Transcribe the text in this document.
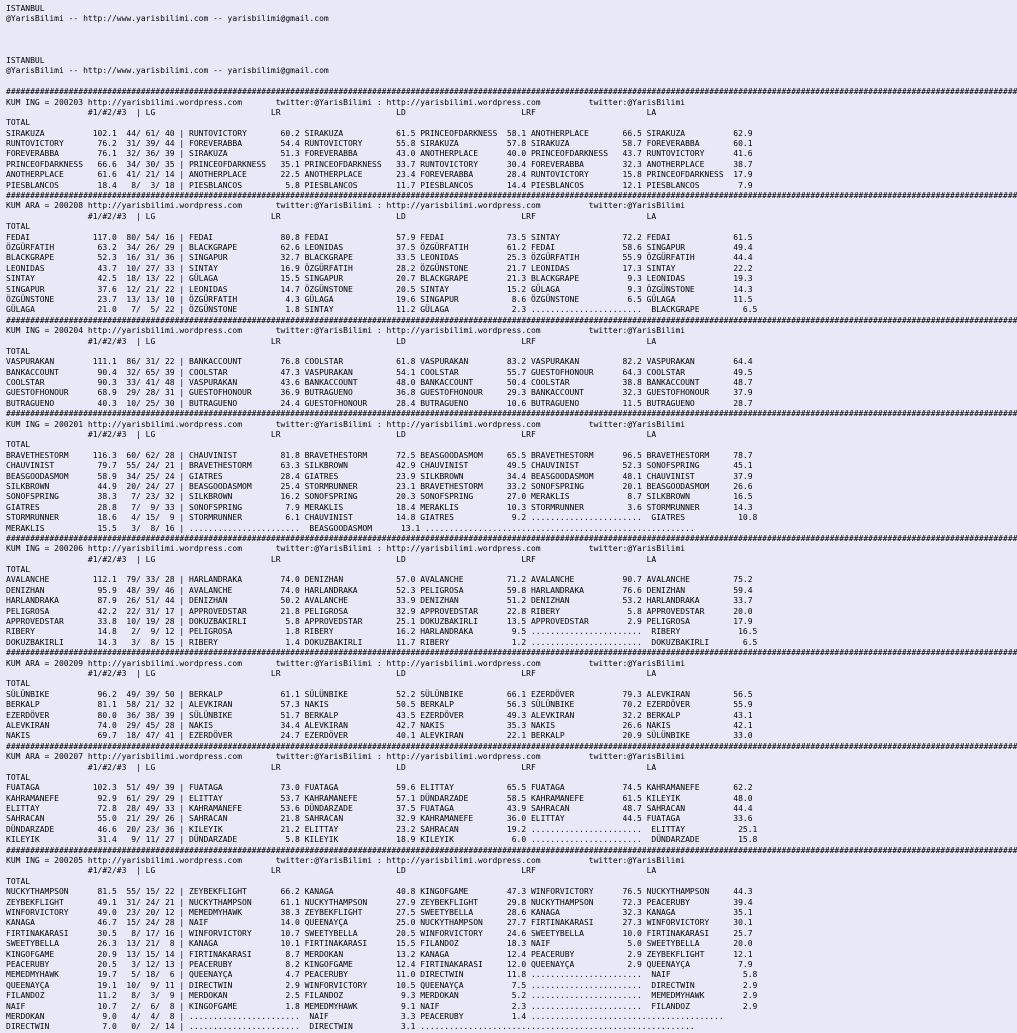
ISTANBUL
@YarisBilimi -- http://www.yarisbilimi.com -- yarisbilimi@gmail.com
ISTANBUL
@YarisBilimi -- http://www.yarisbilimi.com -- yarisbilimi@gmail.com
##################################################################################################################################################################################################################
KUM ING = 200203 http://yarisbilimi.wordpress.com       twitter:@YarisBilimi : http://yarisbilimi.wordpress.com          twitter:@YarisBilimi
#1/#2/#3  | LG                        LR                        LD                        LRF                       LA
TOTAL
SIRAKUZA          102.1  44/ 61/ 40 | RUNTOVICTORY       60.2 SIRAKUZA           61.5 PRINCEOFDARKNESS  58.1 ANOTHERPLACE       66.5 SIRAKUZA          62.9
RUNTOVICTORY       76.2  31/ 39/ 44 | FOREVERABBA        54.4 RUNTOVICTORY       55.8 SIRAKUZA          57.8 SIRAKUZA           58.7 FOREVERABBA       60.1
FOREVERABBA        76.1  32/ 36/ 39 | SIRAKUZA           51.3 FOREVERABBA        43.0 ANOTHERPLACE      40.0 PRINCEOFDARKNESS   43.7 RUNTOVICTORY      41.6
PRINCEOFDARKNESS   66.6  34/ 30/ 35 | PRINCEOFDARKNESS   35.1 PRINCEOFDARKNESS   33.7 RUNTOVICTORY      30.4 FOREVERABBA        32.3 ANOTHERPLACE      38.7
ANOTHERPLACE       61.6  41/ 21/ 14 | ANOTHERPLACE       22.5 ANOTHERPLACE       23.4 FOREVERABBA       28.4 RUNTOVICTORY       15.8 PRINCEOFDARKNESS  17.9
PIESBLANCOS        18.4   8/  3/ 18 | PIESBLANCOS         5.8 PIESBLANCOS        11.7 PIESBLANCOS       14.4 PIESBLANCOS        12.1 PIESBLANCOS        7.9
##################################################################################################################################################################################################################
KUM ARA = 200208 http://yarisbilimi.wordpress.com       twitter:@YarisBilimi : http://yarisbilimi.wordpress.com          twitter:@YarisBilimi
#1/#2/#3  | LG                        LR                        LD                        LRF                       LA
TOTAL
FEDAI             117.0  80/ 54/ 16 | FEDAI              80.8 FEDAI              57.9 FEDAI             73.5 SINTAY             72.2 FEDAI             61.5
ÖZGÜRFATIH         63.2  34/ 26/ 29 | BLACKGRAPE         62.6 LEONIDAS           37.5 ÖZGÜRFATIH        61.2 FEDAI              58.6 SINGAPUR          49.4
BLACKGRAPE         52.3  16/ 31/ 36 | SINGAPUR           32.7 BLACKGRAPE         33.5 LEONIDAS          25.3 ÖZGÜRFATIH         55.9 ÖZGÜRFATIH        44.4
LEONIDAS           43.7  10/ 27/ 33 | SINTAY             16.9 ÖZGÜRFATIH         28.2 ÖZGÜNSTONE        21.7 LEONIDAS           17.3 SINTAY            22.2
SINTAY             42.5  18/ 13/ 22 | GÜLAGA             15.5 SINGAPUR           20.7 BLACKGRAPE        21.3 BLACKGRAPE          9.3 LEONIDAS          19.3
SINGAPUR           37.6  12/ 21/ 22 | LEONIDAS           14.7 ÖZGÜNSTONE         20.5 SINTAY            15.2 GÜLAGA              9.3 ÖZGÜNSTONE        14.3
ÖZGÜNSTONE         23.7  13/ 13/ 10 | ÖZGÜRFATIH          4.3 GÜLAGA             19.6 SINGAPUR           8.6 ÖZGÜNSTONE          6.5 GÜLAGA            11.5
GÜLAGA             21.0   7/  5/ 22 | ÖZGÜNSTONE          1.8 SINTAY             11.2 GÜLAGA             2.3 .......................  BLACKGRAPE         6.5
##################################################################################################################################################################################################################
KUM ING = 200204 http://yarisbilimi.wordpress.com       twitter:@YarisBilimi : http://yarisbilimi.wordpress.com          twitter:@YarisBilimi
#1/#2/#3  | LG                        LR                        LD                        LRF                       LA
TOTAL
VASPURAKAN        111.1  86/ 31/ 22 | BANKACCOUNT        76.8 COOLSTAR           61.8 VASPURAKAN        83.2 VASPURAKAN         82.2 VASPURAKAN        64.4
BANKACCOUNT        90.4  32/ 65/ 39 | COOLSTAR           47.3 VASPURAKAN         54.1 COOLSTAR          55.7 GUESTOFHONOUR      64.3 COOLSTAR          49.5
COOLSTAR           90.3  33/ 41/ 48 | VASPURAKAN         43.6 BANKACCOUNT        48.0 BANKACCOUNT       50.4 COOLSTAR           38.8 BANKACCOUNT       48.7
GUESTOFHONOUR      68.9  29/ 28/ 31 | GUESTOFHONOUR      36.9 BUTRAGUENO         36.8 GUESTOFHONOUR     29.3 BANKACCOUNT        32.3 GUESTOFHONOUR     37.9
BUTRAGUENO         40.3  10/ 25/ 30 | BUTRAGUENO         24.4 GUESTOFHONOUR      28.4 BUTRAGUENO        10.6 BUTRAGUENO         11.5 BUTRAGUENO        28.7
##################################################################################################################################################################################################################
KUM ING = 200201 http://yarisbilimi.wordpress.com       twitter:@YarisBilimi : http://yarisbilimi.wordpress.com          twitter:@YarisBilimi
#1/#2/#3  | LG                        LR                        LD                        LRF                       LA
TOTAL
BRAVETHESTORM     116.3  60/ 62/ 28 | CHAUVINIST         81.8 BRAVETHESTORM      72.5 BEASGOODASMOM     65.5 BRAVETHESTORM      96.5 BRAVETHESTORM     78.7
CHAUVINIST         79.7  55/ 24/ 21 | BRAVETHESTORM      63.3 SILKBROWN          42.9 CHAUVINIST        49.5 CHAUVINIST         52.3 SONOFSPRING       45.1
BEASGOODASMOM      58.9  34/ 25/ 24 | GIATRES            28.4 GIATRES            23.9 SILKBROWN         34.4 BEASGOODASMOM      48.1 CHAUVINIST        37.9
SILKBROWN          44.9  20/ 24/ 27 | BEASGOODASMOM      25.4 STORMRUNNER        23.1 BRAVETHESTORM     33.2 SONOFSPRING        20.1 BEASGOODASMOM     26.6
SONOFSPRING        38.3   7/ 23/ 32 | SILKBROWN          16.2 SONOFSPRING        20.3 SONOFSPRING       27.0 MERAKLIS            8.7 SILKBROWN         16.5
GIATRES            28.8   7/  9/ 33 | SONOFSPRING         7.9 MERAKLIS           18.4 MERAKLIS          10.3 STORMRUNNER         3.6 STORMRUNNER       14.3
STORMRUNNER        18.6   4/ 15/  9 | STORMRUNNER         6.1 CHAUVINIST         14.8 GIATRES            9.2 .......................  GIATRES           10.8
MERAKLIS           15.5   3/  8/ 16 | .......................  BEASGOODASMOM      13.1 ........................................................
##################################################################################################################################################################################################################
KUM ING = 200206 http://yarisbilimi.wordpress.com       twitter:@YarisBilimi : http://yarisbilimi.wordpress.com          twitter:@YarisBilimi
#1/#2/#3  | LG                        LR                        LD                        LRF                       LA
TOTAL
AVALANCHE         112.1  79/ 33/ 28 | HARLANDRAKA        74.0 DENIZHAN           57.0 AVALANCHE         71.2 AVALANCHE          90.7 AVALANCHE         75.2
DENIZHAN           95.9  48/ 39/ 46 | AVALANCHE          74.0 HARLANDRAKA        52.3 PELIGROSA         59.8 HARLANDRAKA        76.6 DENIZHAN          59.4
HARLANDRAKA        87.9  26/ 51/ 44 | DENIZHAN           50.2 AVALANCHE          33.9 DENIZHAN          51.2 DENIZHAN           53.2 HARLANDRAKA       33.7
PELIGROSA          42.2  22/ 31/ 17 | APPROVEDSTAR       21.8 PELIGROSA          32.9 APPROVEDSTAR      22.8 RIBERY              5.8 APPROVEDSTAR      20.0
APPROVEDSTAR       33.8  10/ 19/ 28 | DOKUZBAKIRLI        5.8 APPROVEDSTAR       25.1 DOKUZBAKIRLI      13.5 APPROVEDSTAR        2.9 PELIGROSA         17.9
RIBERY             14.8   2/  9/ 12 | PELIGROSA           1.8 RIBERY             16.2 HARLANDRAKA        9.5 .......................  RIBERY            16.5
DOKUZBAKIRLI       14.3   3/  8/ 15 | RIBERY              1.4 DOKUZBAKIRLI       11.7 RIBERY             1.2 .......................  DOKUZBAKIRLI       6.5
##################################################################################################################################################################################################################
KUM ARA = 200209 http://yarisbilimi.wordpress.com       twitter:@YarisBilimi : http://yarisbilimi.wordpress.com          twitter:@YarisBilimi
#1/#2/#3  | LG                        LR                        LD                        LRF                       LA
TOTAL
SÜLÜNBIKE          96.2  49/ 39/ 50 | BERKALP            61.1 SÜLÜNBIKE          52.2 SÜLÜNBIKE         66.1 EZERDÖVER          79.3 ALEVKIRAN         56.5
BERKALP            81.1  58/ 21/ 32 | ALEVKIRAN          57.3 NAKIS              50.5 BERKALP           56.3 SÜLÜNBIKE          70.2 EZERDÖVER         55.9
EZERDÖVER          80.0  36/ 38/ 39 | SÜLÜNBIKE          51.7 BERKALP            43.5 EZERDÖVER         49.3 ALEVKIRAN          32.2 BERKALP           43.1
ALEVKIRAN          74.0  29/ 45/ 28 | NAKIS              34.4 ALEVKIRAN          42.7 NAKIS             35.3 NAKIS              26.6 NAKIS             42.1
NAKIS              69.7  18/ 47/ 41 | EZERDÖVER          24.7 EZERDÖVER          40.1 ALEVKIRAN         22.1 BERKALP            20.9 SÜLÜNBIKE         33.0
##################################################################################################################################################################################################################
KUM ARA = 200207 http://yarisbilimi.wordpress.com       twitter:@YarisBilimi : http://yarisbilimi.wordpress.com          twitter:@YarisBilimi
#1/#2/#3  | LG                        LR                        LD                        LRF                       LA
TOTAL
FUATAGA           102.3  51/ 49/ 39 | FUATAGA            73.0 FUATAGA            59.6 ELITTAY           65.5 FUATAGA            74.5 KAHRAMANEFE       62.2
KAHRAMANEFE        92.9  61/ 29/ 29 | ELITTAY            53.7 KAHRAMANEFE        57.1 DÜNDARZADE        58.5 KAHRAMANEFE        61.5 KILEYIK           48.0
ELITTAY            72.8  28/ 49/ 33 | KAHRAMANEFE        53.6 DÜNDARZADE         37.5 FUATAGA           43.9 SAHRACAN           48.7 SAHRACAN          44.4
SAHRACAN           55.0  21/ 29/ 26 | SAHRACAN           21.8 SAHRACAN           32.9 KAHRAMANEFE       36.0 ELITTAY            44.5 FUATAGA           33.6
DÜNDARZADE         46.6  20/ 23/ 36 | KILEYIK            21.2 ELITTAY            23.2 SAHRACAN          19.2 .......................  ELITTAY           25.1
KILEYIK            31.4   9/ 11/ 27 | DÜNDARZADE          5.8 KILEYIK            18.9 KILEYIK            6.0 .......................  DÜNDARZADE        15.8
##################################################################################################################################################################################################################
KUM ING = 200205 http://yarisbilimi.wordpress.com       twitter:@YarisBilimi : http://yarisbilimi.wordpress.com          twitter:@YarisBilimi
#1/#2/#3  | LG                        LR                        LD                        LRF                       LA
TOTAL
NUCKYTHAMPSON      81.5  55/ 15/ 22 | ZEYBEKFLIGHT       66.2 KANAGA             40.8 KINGOFGAME        47.3 WINFORVICTORY      76.5 NUCKYTHAMPSON     44.3
ZEYBEKFLIGHT       49.1  31/ 24/ 21 | NUCKYTHAMPSON      61.1 NUCKYTHAMPSON      27.9 ZEYBEKFLIGHT      29.8 NUCKYTHAMPSON      72.3 PEACERUBY         39.4
WINFORVICTORY      49.0  23/ 20/ 12 | MEMEDMYHAWK        38.3 ZEYBEKFLIGHT       27.5 SWEETYBELLA       28.6 KANAGA             32.3 KANAGA            35.1
KANAGA             46.7  15/ 24/ 28 | NAIF               14.0 QUEENAYÇA          25.0 NUCKYTHAMPSON     27.7 FIRTINAKARASI      27.3 WINFORVICTORY     30.1
FIRTINAKARASI      30.5   8/ 17/ 16 | WINFORVICTORY      10.7 SWEETYBELLA        20.5 WINFORVICTORY     24.6 SWEETYBELLA        10.0 FIRTINAKARASI     25.7
SWEETYBELLA        26.3  13/ 21/  8 | KANAGA             10.1 FIRTINAKARASI      15.5 FILANDOZ          18.3 NAIF                5.0 SWEETYBELLA       20.0
KINGOFGAME         20.9  13/ 15/ 14 | FIRTINAKARASI       8.7 MERDOKAN           13.2 KANAGA            12.4 PEACERUBY           2.9 ZEYBEKFLIGHT      12.1
PEACERUBY          20.5   3/ 12/ 13 | PEACERUBY           8.2 KINGOFGAME         12.4 FIRTINAKARASI     12.0 QUEENAYÇA           2.9 QUEENAYÇA          7.9
MEMEDMYHAWK        19.7   5/ 18/  6 | QUEENAYÇA           4.7 PEACERUBY          11.0 DIRECTWIN         11.8 .......................  NAIF               5.8
QUEENAYÇA          19.1  10/  9/ 11 | DIRECTWIN           2.9 WINFORVICTORY      10.5 QUEENAYÇA          7.5 .......................  DIRECTWIN          2.9
FILANDOZ           11.2   8/  3/  9 | MERDOKAN            2.5 FILANDOZ            9.3 MERDOKAN           5.2 .......................  MEMEDMYHAWK        2.9
NAIF               10.7   2/  6/  8 | KINGOFGAME          1.8 MEMEDMYHAWK         9.1 NAIF               2.3 .......................  FILANDOZ           2.9
MERDOKAN            9.0   4/  4/  8 | .......................  NAIF               3.3 PEACERUBY          1.4 ........................................
DIRECTWIN           7.0   0/  2/ 14 | .......................  DIRECTWIN          3.1 .........................................................
